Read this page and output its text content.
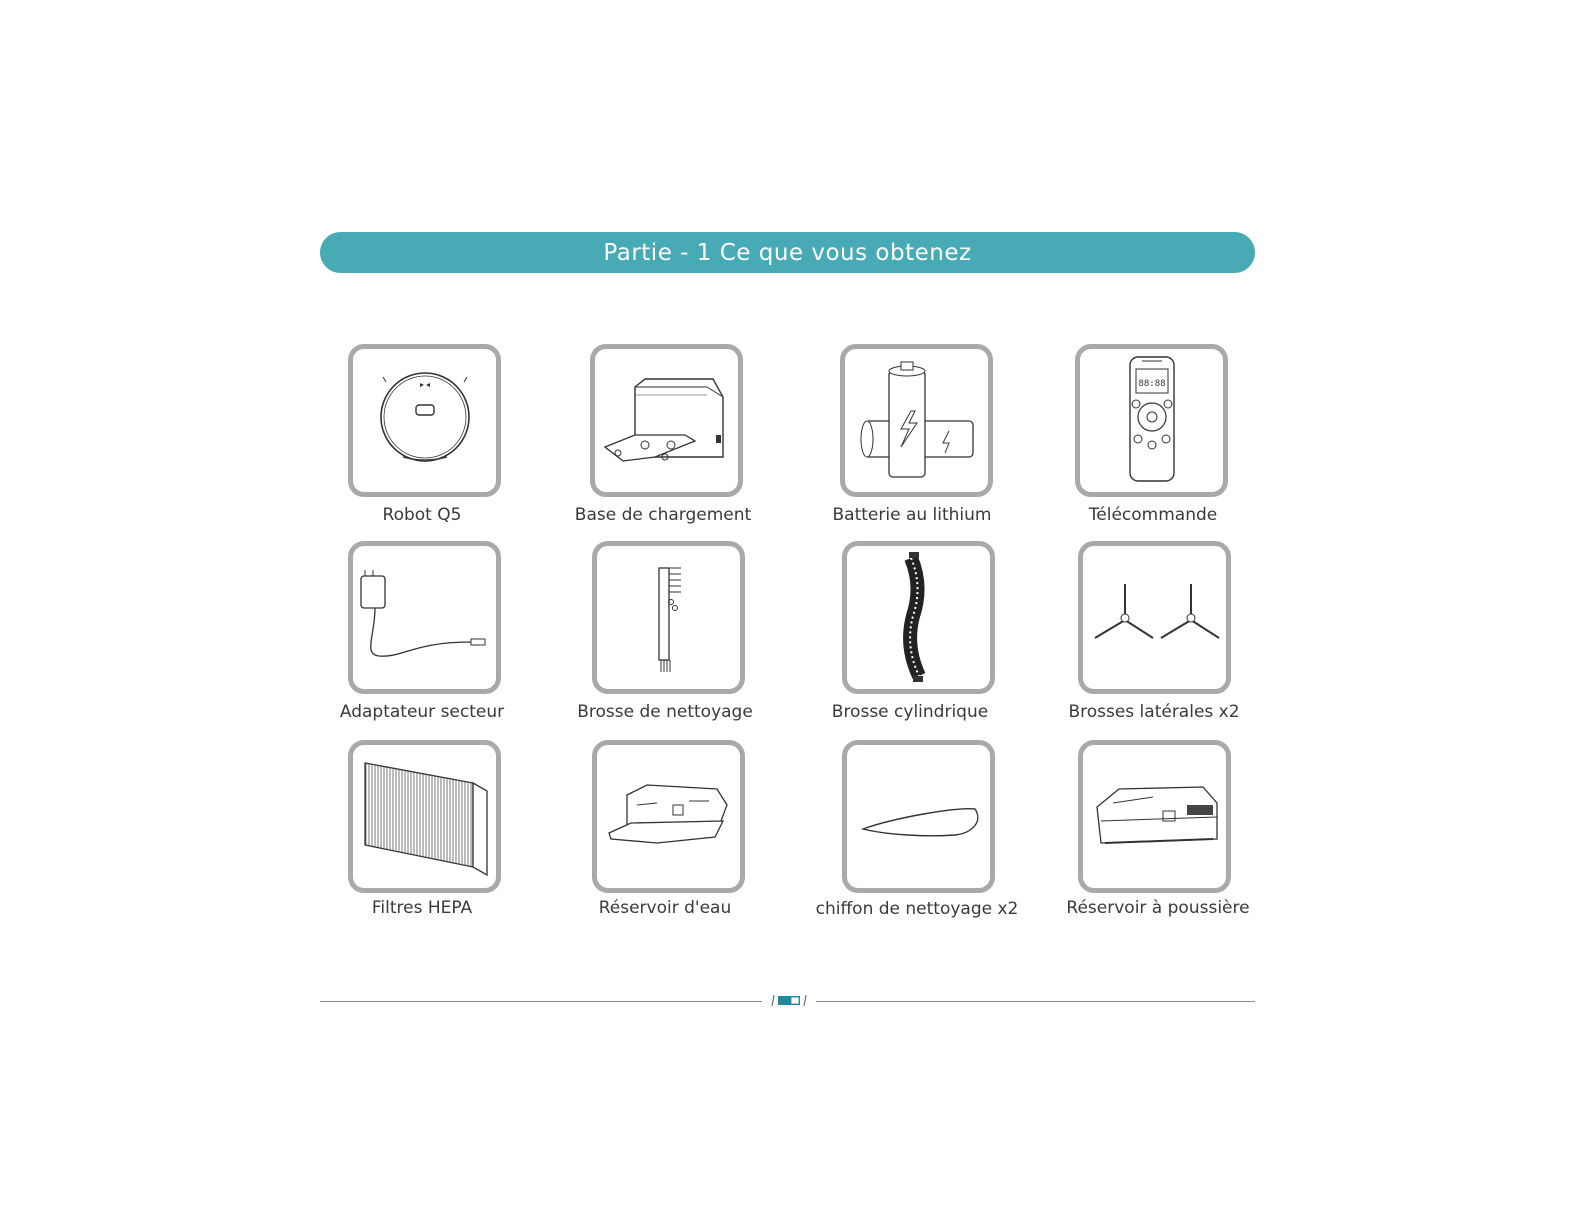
Partie - 1 Ce que vous obtenez
Robot Q5	Base de chargement	Batterie au lithium
88:88
Télécommande
Adaptateur secteur	Brosse de nettoyage	Brosse cylindrique	Brosses latérales x2
Filtres HEPA	Réservoir d'eau	chiffon de nettoyage x2	Réservoir à poussière
